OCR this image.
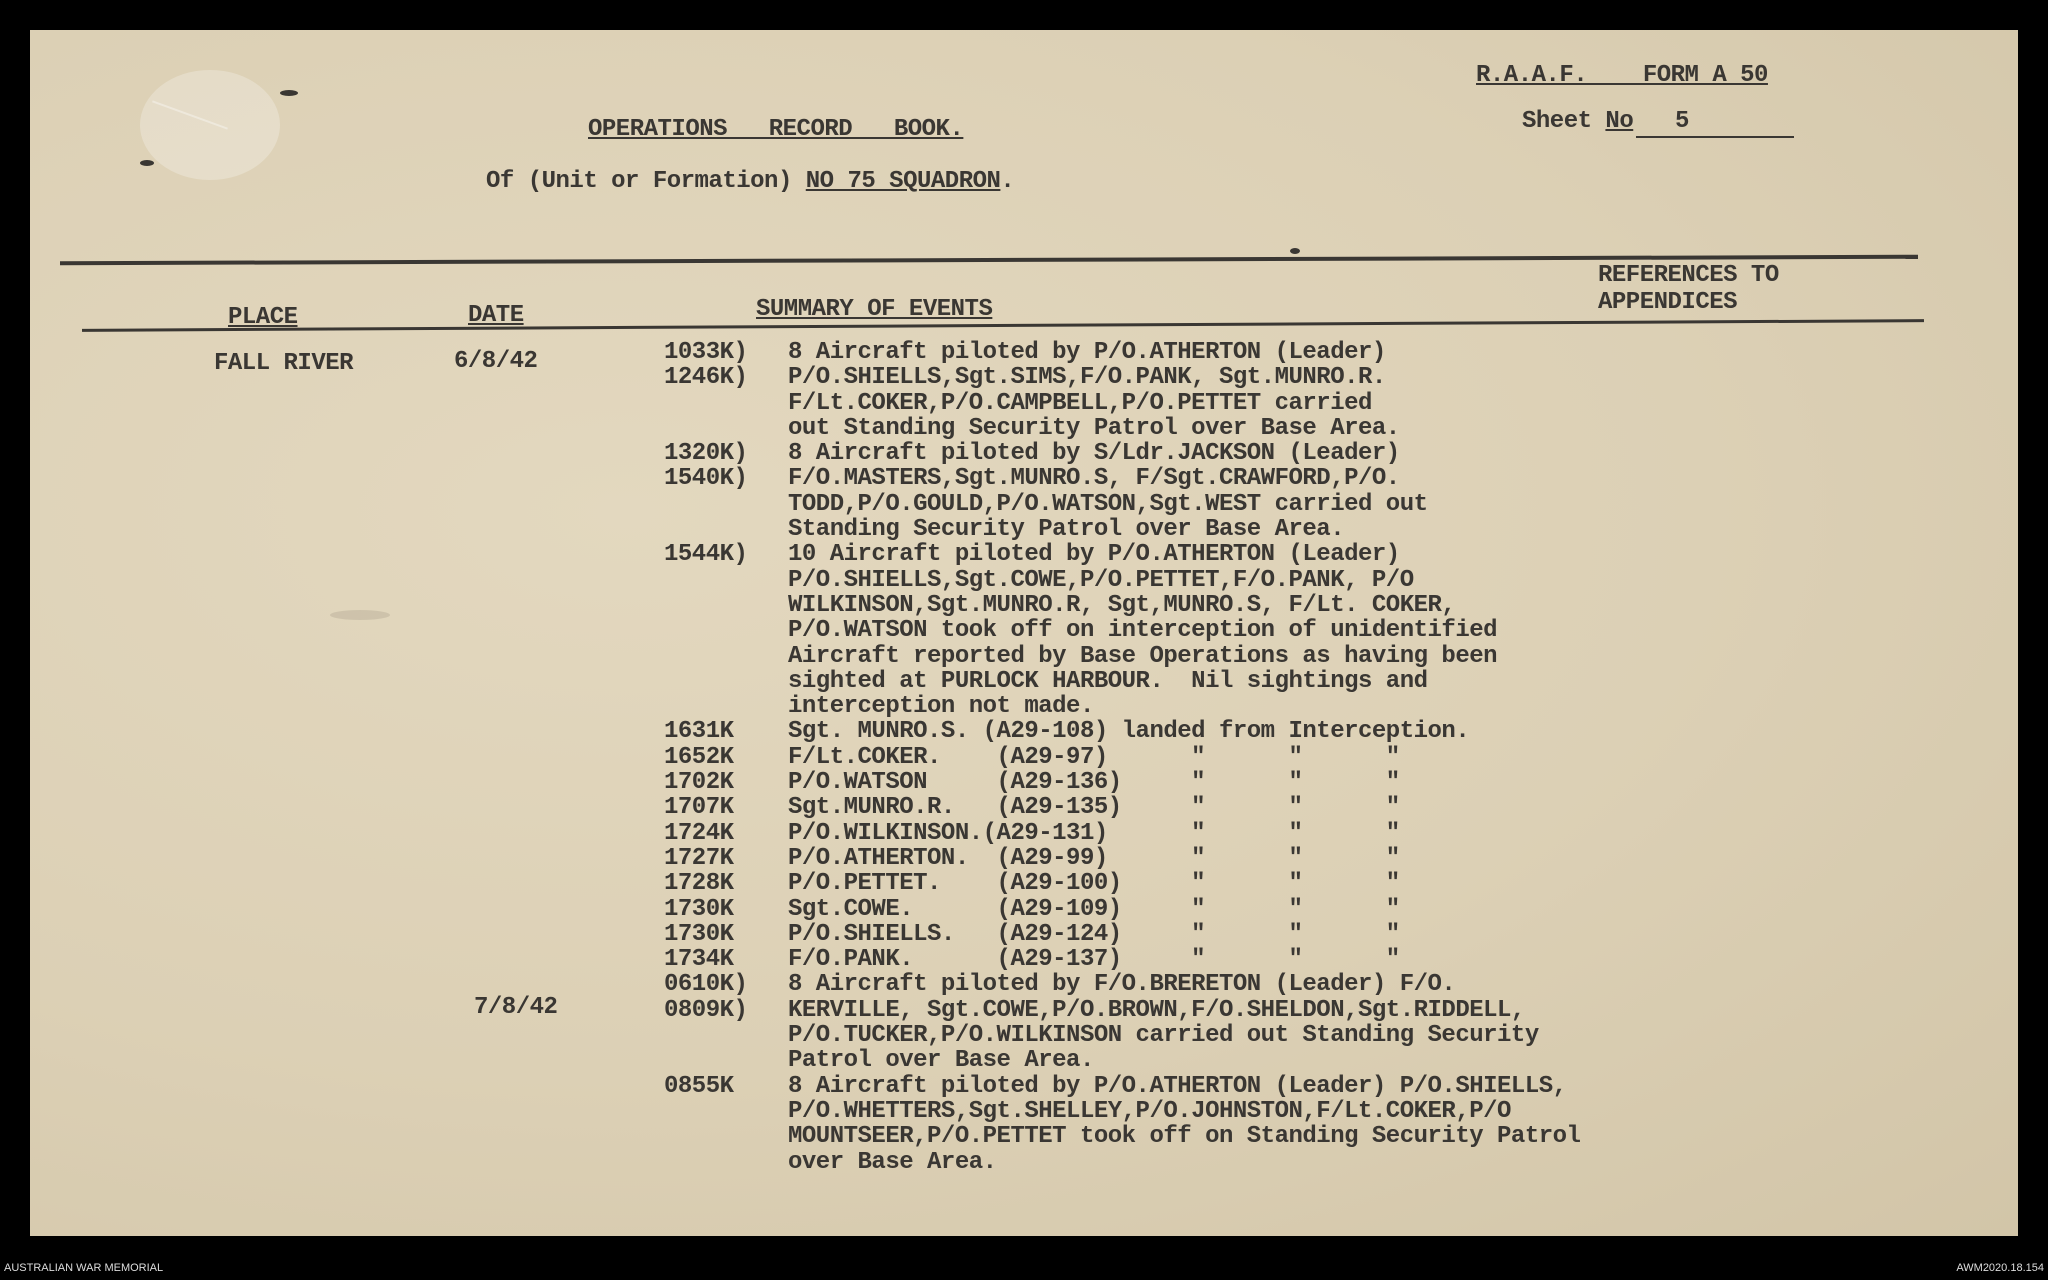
R.A.A.F.    FORM A 50
Sheet No 5
OPERATIONS   RECORD   BOOK.
Of (Unit or Formation) NO 75 SQUADRON.
REFERENCES TO
APPENDICES
PLACE	DATE	SUMMARY OF EVENTS
FALL RIVER	6/8/42
7/8/42
1033K)	8 Aircraft piloted by P/O.ATHERTON (Leader)
1246K)	P/O.SHIELLS,Sgt.SIMS,F/O.PANK, Sgt.MUNRO.R.
F/Lt.COKER,P/O.CAMPBELL,P/O.PETTET carried
out Standing Security Patrol over Base Area.
1320K)	8 Aircraft piloted by S/Ldr.JACKSON (Leader)
1540K)	F/O.MASTERS,Sgt.MUNRO.S, F/Sgt.CRAWFORD,P/O.
TODD,P/O.GOULD,P/O.WATSON,Sgt.WEST carried out
Standing Security Patrol over Base Area.
1544K)	10 Aircraft piloted by P/O.ATHERTON (Leader)
P/O.SHIELLS,Sgt.COWE,P/O.PETTET,F/O.PANK, P/O
WILKINSON,Sgt.MUNRO.R, Sgt,MUNRO.S, F/Lt. COKER,
P/O.WATSON took off on interception of unidentified
Aircraft reported by Base Operations as having been
sighted at PURLOCK HARBOUR.  Nil sightings and
interception not made.
1631K	Sgt. MUNRO.S. (A29-108) landed from Interception.
1652K	F/Lt.COKER.    (A29-97)      "      "      "
1702K	P/O.WATSON     (A29-136)     "      "      "
1707K	Sgt.MUNRO.R.   (A29-135)     "      "      "
1724K	P/O.WILKINSON.(A29-131)      "      "      "
1727K	P/O.ATHERTON.  (A29-99)      "      "      "
1728K	P/O.PETTET.    (A29-100)     "      "      "
1730K	Sgt.COWE.      (A29-109)     "      "      "
1730K	P/O.SHIELLS.   (A29-124)     "      "      "
1734K	F/O.PANK.      (A29-137)     "      "      "
0610K)	8 Aircraft piloted by F/O.BRERETON (Leader) F/O.
0809K)	KERVILLE, Sgt.COWE,P/O.BROWN,F/O.SHELDON,Sgt.RIDDELL,
P/O.TUCKER,P/O.WILKINSON carried out Standing Security
Patrol over Base Area.
0855K	8 Aircraft piloted by P/O.ATHERTON (Leader) P/O.SHIELLS,
P/O.WHETTERS,Sgt.SHELLEY,P/O.JOHNSTON,F/Lt.COKER,P/O
MOUNTSEER,P/O.PETTET took off on Standing Security Patrol
over Base Area.
AUSTRALIAN WAR MEMORIAL	AWM2020.18.154
